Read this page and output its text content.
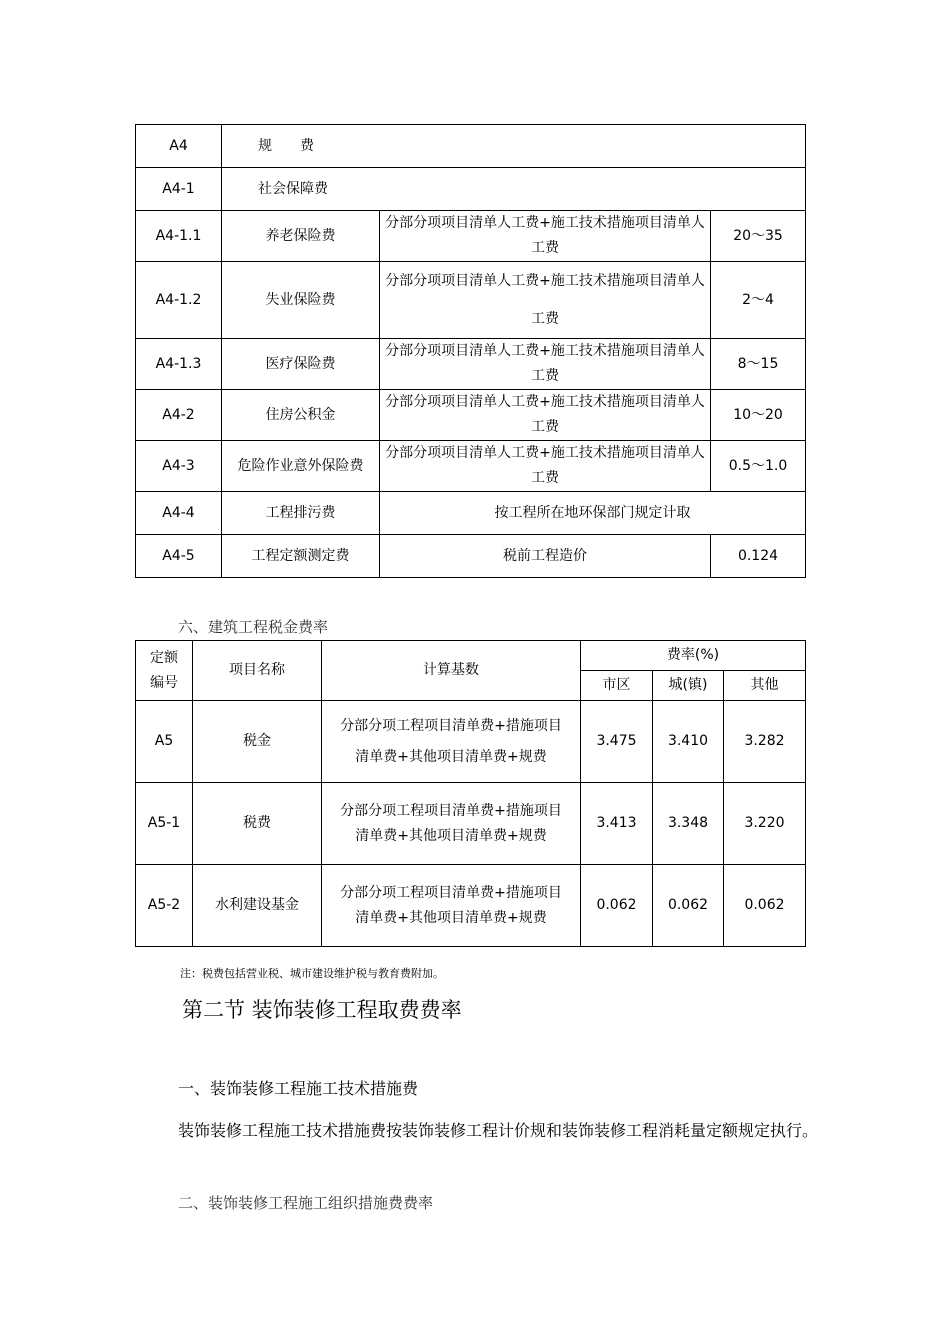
A4	规　　费		
A4-1	社会保障费		
A4-1.1	养老保险费	分部分项项目清单人工费+施工技术措施项目清单人工费	20～35
A4-1.2	失业保险费	分部分项项目清单人工费+施工技术措施项目清单人工费	2～4
A4-1.3	医疗保险费	分部分项项目清单人工费+施工技术措施项目清单人工费	8～15
A4-2	住房公积金	分部分项项目清单人工费+施工技术措施项目清单人工费	10～20
A4-3	危险作业意外保险费	分部分项项目清单人工费+施工技术措施项目清单人工费	0.5～1.0
A4-4	工程排污费	按工程所在地环保部门规定计取	
A4-5	工程定额测定费	税前工程造价	0.124
六、建筑工程税金费率
定额编号	项目名称	计算基数	费率(%)		
			市区	城(镇)	其他
A5	税金	分部分项工程项目清单费+措施项目清单费+其他项目清单费+规费	3.475	3.410	3.282
A5-1	税费	分部分项工程项目清单费+措施项目清单费+其他项目清单费+规费	3.413	3.348	3.220
A5-2	水利建设基金	分部分项工程项目清单费+措施项目清单费+其他项目清单费+规费	0.062	0.062	0.062
注：税费包括营业税、城市建设维护税与教育费附加。
第二节 装饰装修工程取费费率
一、装饰装修工程施工技术措施费
装饰装修工程施工技术措施费按装饰装修工程计价规和装饰装修工程消耗量定额规定执行。
二、装饰装修工程施工组织措施费费率
